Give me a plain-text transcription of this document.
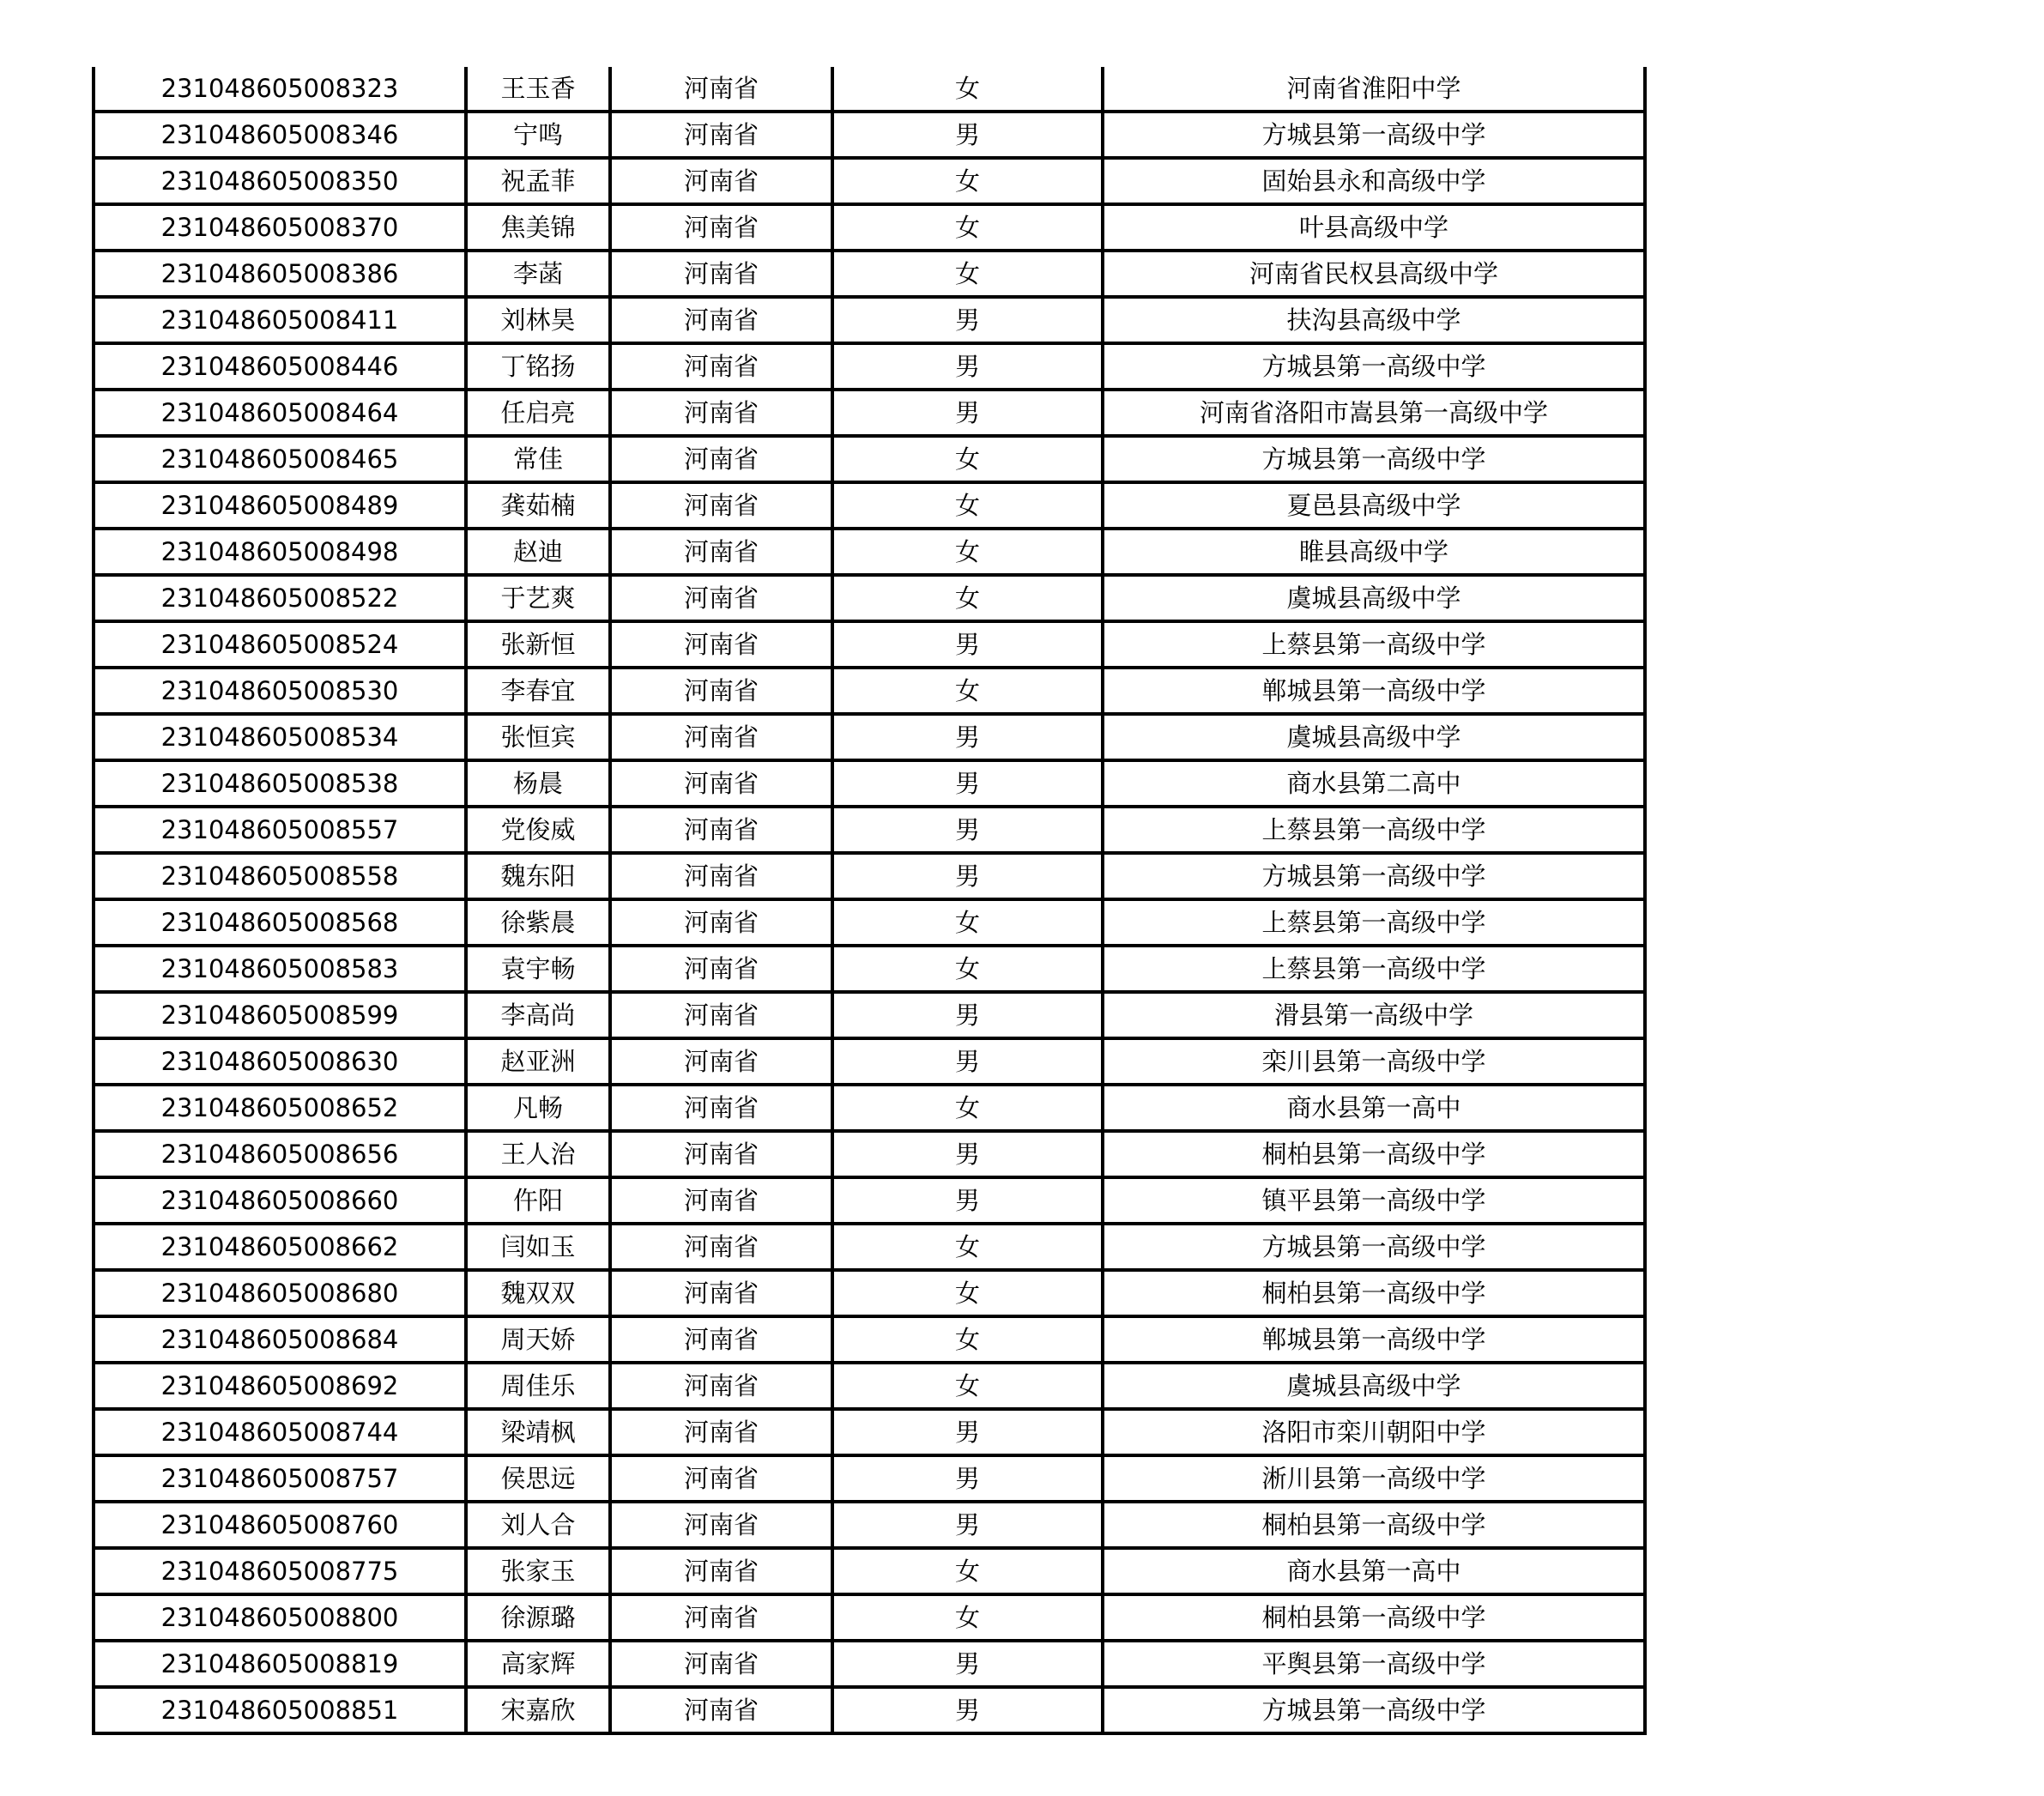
231048605008323	王玉香	河南省	女	河南省淮阳中学
231048605008346	宁鸣	河南省	男	方城县第一高级中学
231048605008350	祝孟菲	河南省	女	固始县永和高级中学
231048605008370	焦美锦	河南省	女	叶县高级中学
231048605008386	李菡	河南省	女	河南省民权县高级中学
231048605008411	刘林昊	河南省	男	扶沟县高级中学
231048605008446	丁铭扬	河南省	男	方城县第一高级中学
231048605008464	任启亮	河南省	男	河南省洛阳市嵩县第一高级中学
231048605008465	常佳	河南省	女	方城县第一高级中学
231048605008489	龚茹楠	河南省	女	夏邑县高级中学
231048605008498	赵迪	河南省	女	睢县高级中学
231048605008522	于艺爽	河南省	女	虞城县高级中学
231048605008524	张新恒	河南省	男	上蔡县第一高级中学
231048605008530	李春宜	河南省	女	郸城县第一高级中学
231048605008534	张恒宾	河南省	男	虞城县高级中学
231048605008538	杨晨	河南省	男	商水县第二高中
231048605008557	党俊威	河南省	男	上蔡县第一高级中学
231048605008558	魏东阳	河南省	男	方城县第一高级中学
231048605008568	徐紫晨	河南省	女	上蔡县第一高级中学
231048605008583	袁宇畅	河南省	女	上蔡县第一高级中学
231048605008599	李高尚	河南省	男	滑县第一高级中学
231048605008630	赵亚洲	河南省	男	栾川县第一高级中学
231048605008652	凡畅	河南省	女	商水县第一高中
231048605008656	王人治	河南省	男	桐柏县第一高级中学
231048605008660	仵阳	河南省	男	镇平县第一高级中学
231048605008662	闫如玉	河南省	女	方城县第一高级中学
231048605008680	魏双双	河南省	女	桐柏县第一高级中学
231048605008684	周天娇	河南省	女	郸城县第一高级中学
231048605008692	周佳乐	河南省	女	虞城县高级中学
231048605008744	梁靖枫	河南省	男	洛阳市栾川朝阳中学
231048605008757	侯思远	河南省	男	淅川县第一高级中学
231048605008760	刘人合	河南省	男	桐柏县第一高级中学
231048605008775	张家玉	河南省	女	商水县第一高中
231048605008800	徐源璐	河南省	女	桐柏县第一高级中学
231048605008819	高家辉	河南省	男	平舆县第一高级中学
231048605008851	宋嘉欣	河南省	男	方城县第一高级中学
